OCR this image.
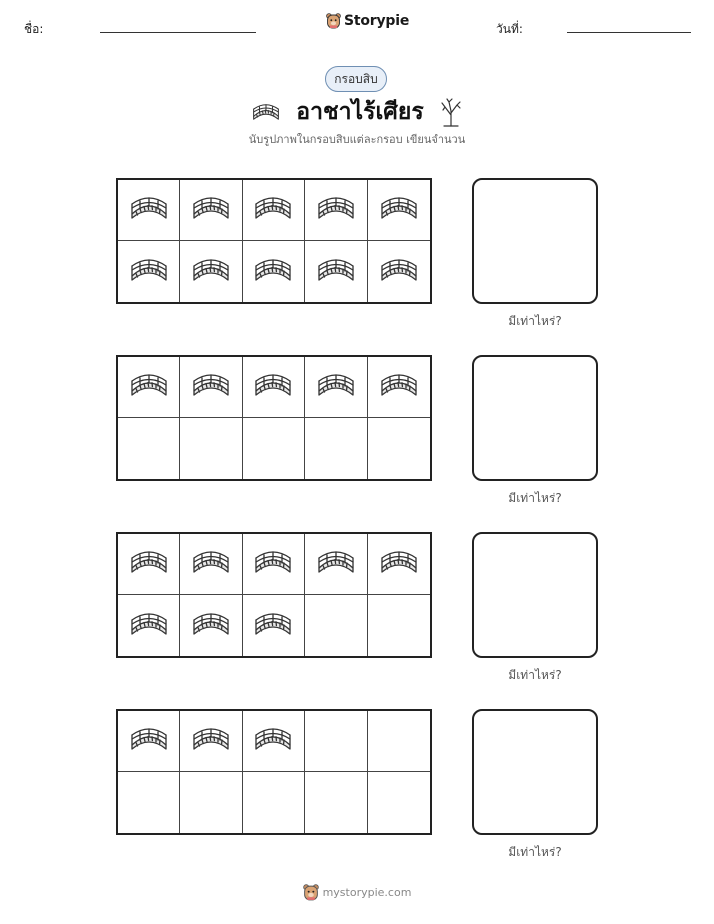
ชื่อ:	Storypie	วันที่:
กรอบสิบ
อาชาไร้เศียร
นับรูปภาพในกรอบสิบแต่ละกรอบ เขียนจำนวน
มีเท่าไหร่?
มีเท่าไหร่?
มีเท่าไหร่?
มีเท่าไหร่?
mystorypie.com
